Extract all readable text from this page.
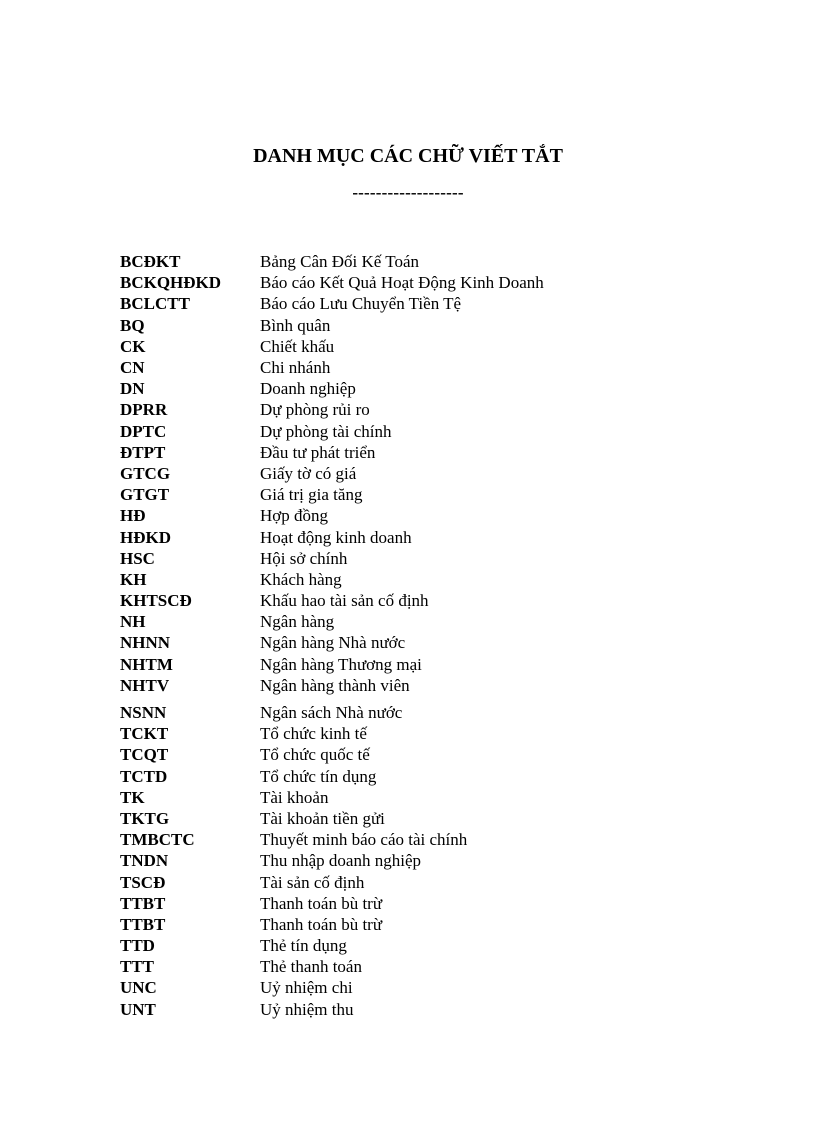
DANH MỤC CÁC CHỮ VIẾT TẮT
-------------------
BCĐKT	Bảng Cân Đối Kế Toán
BCKQHĐKD	Báo cáo Kết Quả Hoạt Động Kinh Doanh
BCLCTT	Báo cáo Lưu Chuyển Tiền Tệ
BQ	Bình quân
CK	Chiết khấu
CN	Chi nhánh
DN	Doanh nghiệp
DPRR	Dự phòng rủi ro
DPTC	Dự phòng tài chính
ĐTPT	Đầu tư phát triển
GTCG	Giấy tờ có giá
GTGT	Giá trị gia tăng
HĐ	Hợp đồng
HĐKD	Hoạt động kinh doanh
HSC	Hội sở chính
KH	Khách hàng
KHTSCĐ	Khấu hao tài sản cố định
NH	Ngân hàng
NHNN	Ngân hàng Nhà nước
NHTM	Ngân hàng Thương mại
NHTV	Ngân hàng thành viên
NSNN	Ngân sách Nhà nước
TCKT	Tổ chức kinh tế
TCQT	Tổ chức quốc tế
TCTD	Tổ chức tín dụng
TK	Tài khoản
TKTG	Tài khoản tiền gửi
TMBCTC	Thuyết minh báo cáo tài chính
TNDN	Thu nhập doanh nghiệp
TSCĐ	Tài sản cố định
TTBT	Thanh toán bù trừ
TTBT	Thanh toán bù trừ
TTD	Thẻ tín dụng
TTT	Thẻ thanh toán
UNC	Uỷ nhiệm chi
UNT	Uỷ nhiệm thu
